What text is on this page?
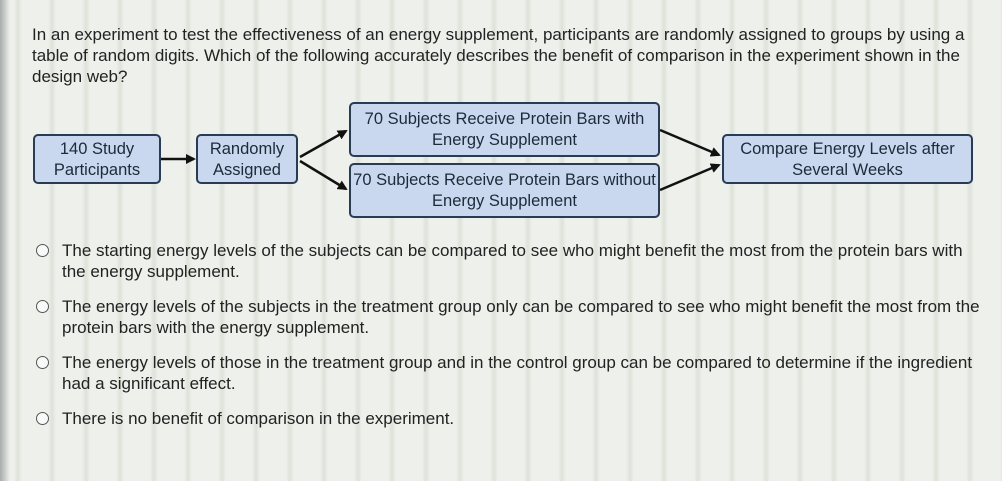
In an experiment to test the effectiveness of an energy supplement, participants are randomly assigned to groups by using a table of random digits. Which of the following accurately describes the benefit of comparison in the experiment shown in the design web?
140 Study Participants
Randomly Assigned
70 Subjects Receive Protein Bars with Energy Supplement
70 Subjects Receive Protein Bars without Energy Supplement
Compare Energy Levels after Several Weeks
The starting energy levels of the subjects can be compared to see who might benefit the most from the protein bars with the energy supplement.
The energy levels of the subjects in the treatment group only can be compared to see who might benefit the most from the protein bars with the energy supplement.
The energy levels of those in the treatment group and in the control group can be compared to determine if the ingredient had a significant effect.
There is no benefit of comparison in the experiment.
